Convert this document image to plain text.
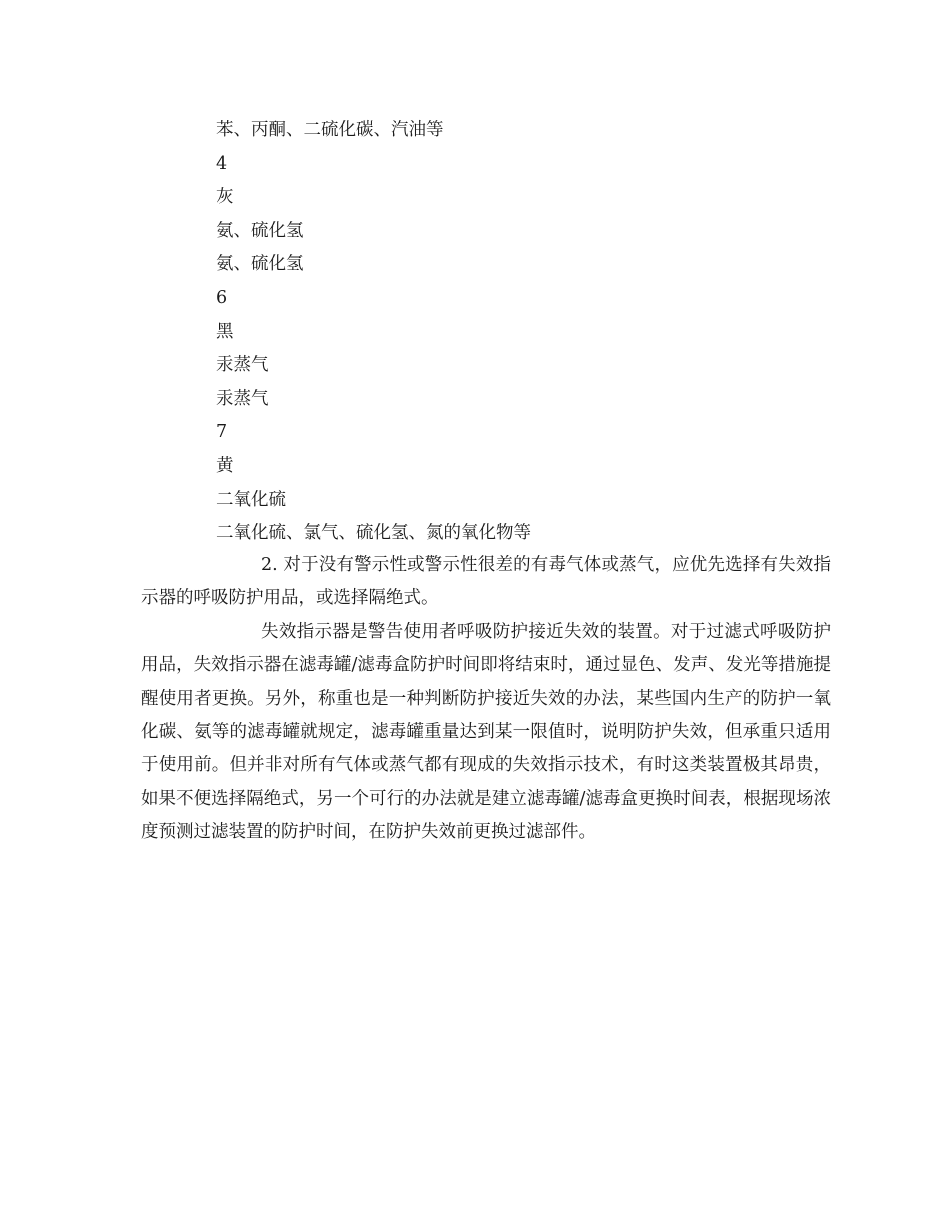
苯、丙酮、二硫化碳、汽油等
4
灰
氨、硫化氢
氨、硫化氢
6
黑
汞蒸气
汞蒸气
7
黄
二氧化硫
二氧化硫、氯气、硫化氢、氮的氧化物等

2. 对于没有警示性或警示性很差的有毒气体或蒸气，应优先选择有失效指示器的呼吸防护用品，或选择隔绝式。

失效指示器是警告使用者呼吸防护接近失效的装置。对于过滤式呼吸防护用品，失效指示器在滤毒罐/滤毒盒防护时间即将结束时，通过显色、发声、发光等措施提醒使用者更换。另外，称重也是一种判断防护接近失效的办法，某些国内生产的防护一氧化碳、氨等的滤毒罐就规定，滤毒罐重量达到某一限值时，说明防护失效，但承重只适用于使用前。但并非对所有气体或蒸气都有现成的失效指示技术，有时这类装置极其昂贵，如果不便选择隔绝式，另一个可行的办法就是建立滤毒罐/滤毒盒更换时间表，根据现场浓度预测过滤装置的防护时间，在防护失效前更换过滤部件。
